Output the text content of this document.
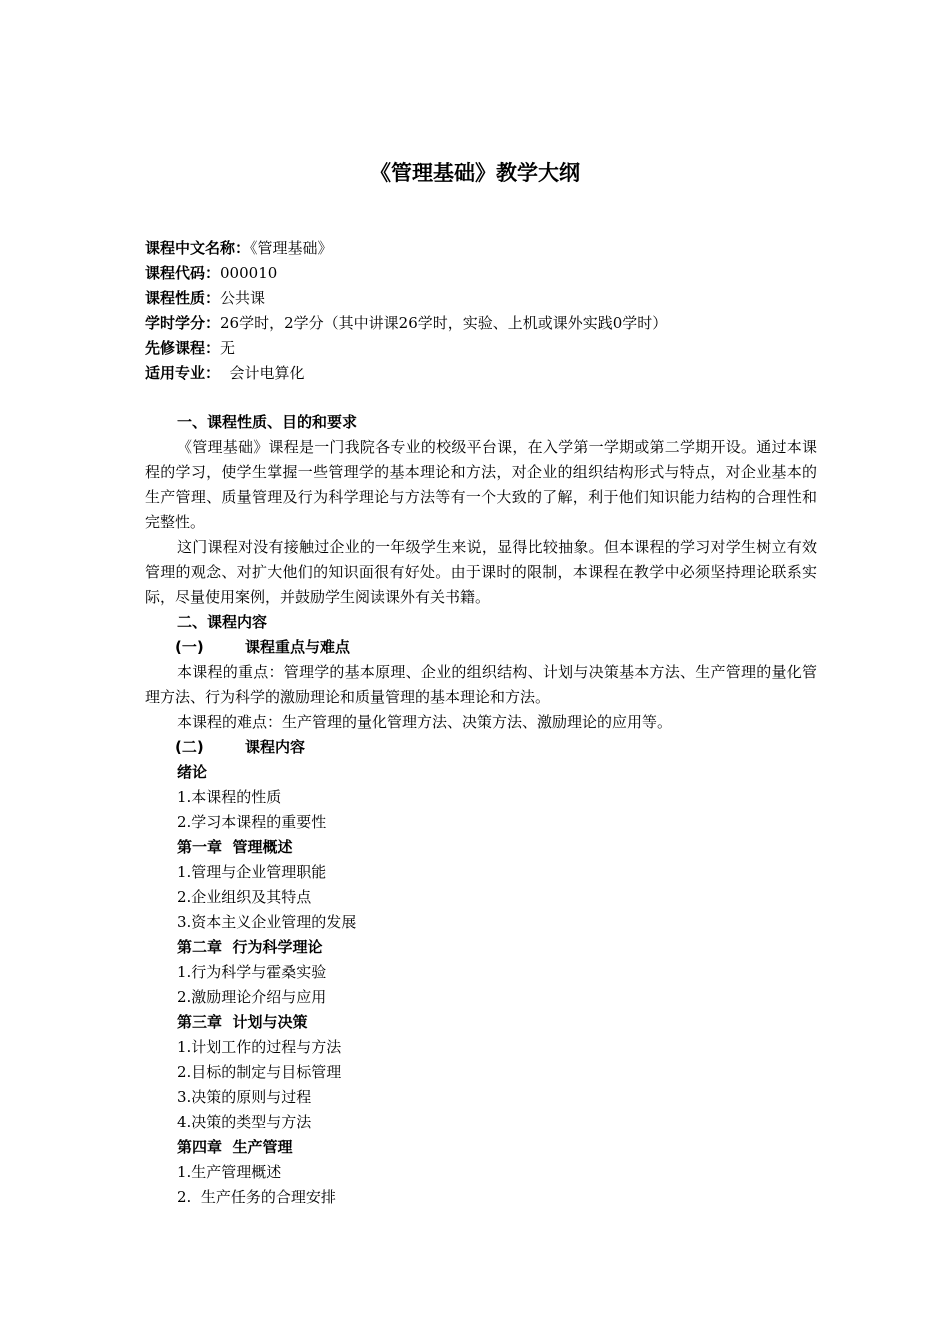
《管理基础》教学大纲
课程中文名称：《管理基础》
课程代码：000010
课程性质：公共课
学时学分：26学时，2学分（其中讲课26学时，实验、上机或课外实践0学时）
先修课程：无
适用专业：  会计电算化
一、课程性质、目的和要求
《管理基础》课程是一门我院各专业的校级平台课，在入学第一学期或第二学期开设。通过本课程的学习，使学生掌握一些管理学的基本理论和方法，对企业的组织结构形式与特点，对企业基本的生产管理、质量管理及行为科学理论与方法等有一个大致的了解，利于他们知识能力结构的合理性和完整性。
这门课程对没有接触过企业的一年级学生来说，显得比较抽象。但本课程的学习对学生树立有效管理的观念、对扩大他们的知识面很有好处。由于课时的限制，本课程在教学中必须坚持理论联系实际，尽量使用案例，并鼓励学生阅读课外有关书籍。
二、课程内容
(一)	课程重点与难点
本课程的重点：管理学的基本原理、企业的组织结构、计划与决策基本方法、生产管理的量化管理方法、行为科学的激励理论和质量管理的基本理论和方法。
本课程的难点：生产管理的量化管理方法、决策方法、激励理论的应用等。
(二)	课程内容
绪论
1.本课程的性质
2.学习本课程的重要性
第一章  管理概述
1.管理与企业管理职能
2.企业组织及其特点
3.资本主义企业管理的发展
第二章  行为科学理论
1.行为科学与霍桑实验
2.激励理论介绍与应用
第三章  计划与决策
1.计划工作的过程与方法
2.目标的制定与目标管理
3.决策的原则与过程
4.决策的类型与方法
第四章  生产管理
1.生产管理概述
2.  生产任务的合理安排
